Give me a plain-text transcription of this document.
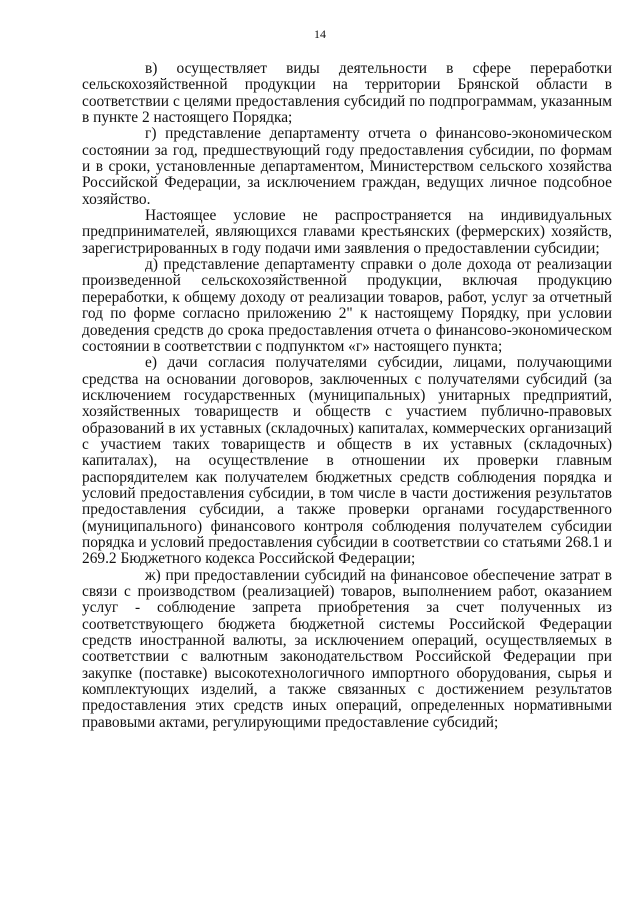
14

в) осуществляет виды деятельности в сфере переработки сельскохозяйственной продукции на территории Брянской области в соответствии с целями предоставления субсидий по подпрограммам, указанным в пункте 2 настоящего Порядка;

г) представление департаменту отчета о финансово-экономическом состоянии за год, предшествующий году предоставления субсидии, по формам и в сроки, установленные департаментом, Министерством сельского хозяйства Российской Федерации, за исключением граждан, ведущих личное подсобное хозяйство.

Настоящее условие не распространяется на индивидуальных предпринимателей, являющихся главами крестьянских (фермерских) хозяйств, зарегистрированных в году подачи ими заявления о предоставлении субсидии;

д) представление департаменту справки о доле дохода от реализации произведенной сельскохозяйственной продукции, включая продукцию переработки, к общему доходу от реализации товаров, работ, услуг за отчетный год по форме согласно приложению 2" к настоящему Порядку, при условии доведения средств до срока предоставления отчета о финансово-экономическом состоянии в соответствии с подпунктом «г» настоящего пункта;

е) дачи согласия получателями субсидии, лицами, получающими средства на основании договоров, заключенных с получателями субсидий (за исключением государственных (муниципальных) унитарных предприятий, хозяйственных товариществ и обществ с участием публично-правовых образований в их уставных (складочных) капиталах, коммерческих организаций с участием таких товариществ и обществ в их уставных (складочных) капиталах), на осуществление в отношении их проверки главным распорядителем как получателем бюджетных средств соблюдения порядка и условий предоставления субсидии, в том числе в части достижения результатов предоставления субсидии, а также проверки органами государственного (муниципального) финансового контроля соблюдения получателем субсидии порядка и условий предоставления субсидии в соответствии со статьями 268.1 и 269.2 Бюджетного кодекса Российской Федерации;

ж) при предоставлении субсидий на финансовое обеспечение затрат в связи с производством (реализацией) товаров, выполнением работ, оказанием услуг - соблюдение запрета приобретения за счет полученных из соответствующего бюджета бюджетной системы Российской Федерации средств иностранной валюты, за исключением операций, осуществляемых в соответствии с валютным законодательством Российской Федерации при закупке (поставке) высокотехнологичного импортного оборудования, сырья и комплектующих изделий, а также связанных с достижением результатов предоставления этих средств иных операций, определенных нормативными правовыми актами, регулирующими предоставление субсидий;
